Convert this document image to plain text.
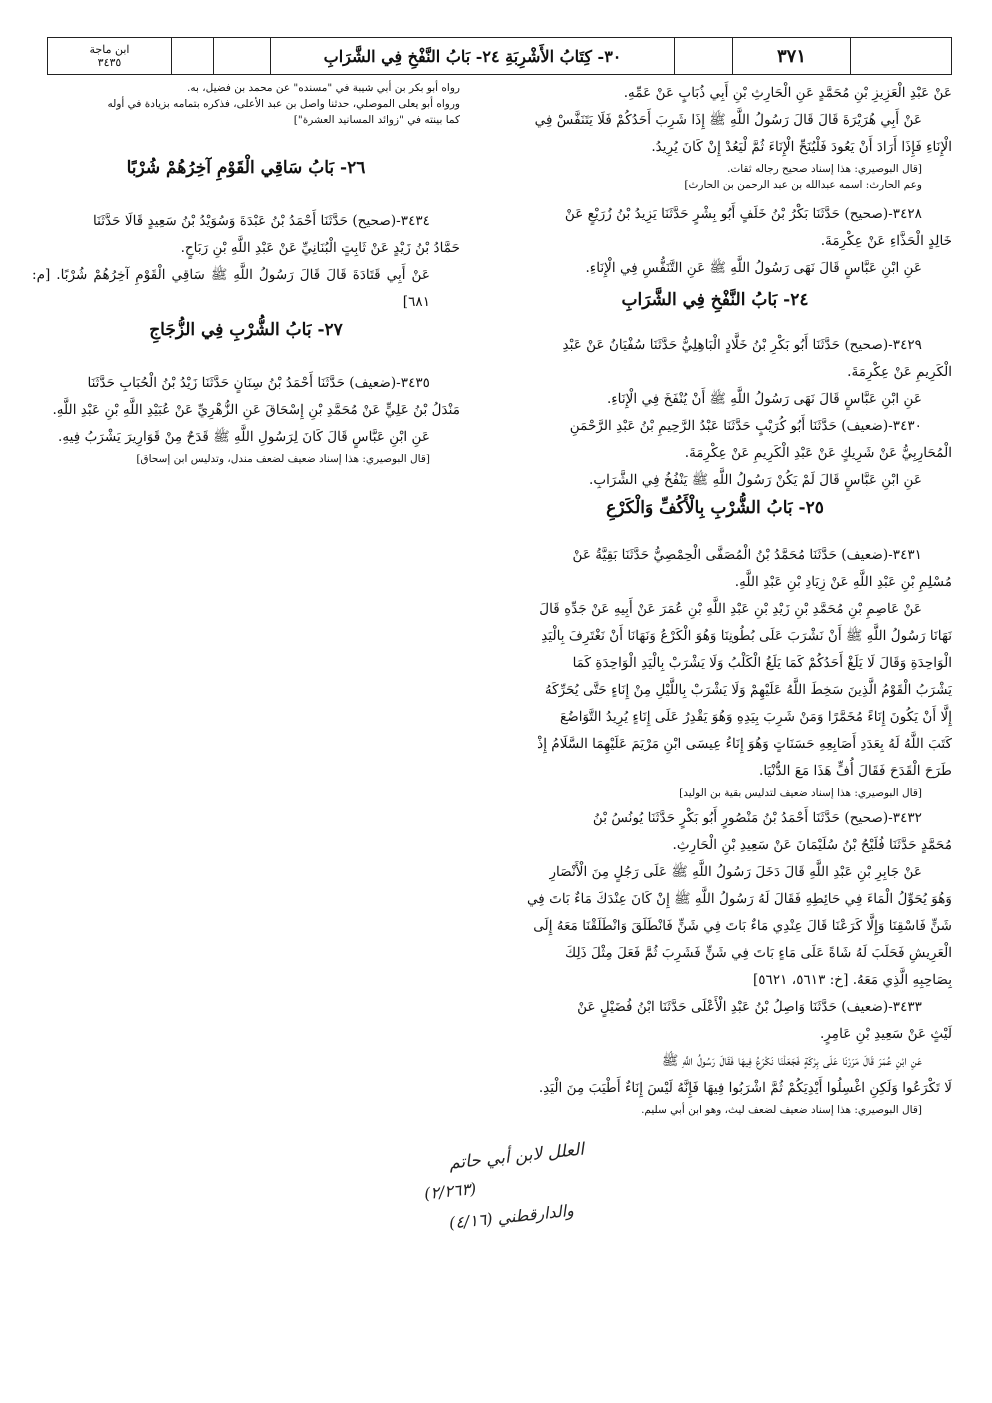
ابن ماجة
٣٤٣٥	٣٠- كِتَابُ الأَشْرِبَةِ ٢٤- بَابُ النَّفْخِ فِي الشَّرَابِ	٣٧١

عَنْ عَبْدِ الْعَزِيزِ بْنِ مُحَمَّدٍ عَنِ الْحَارِثِ بْنِ أَبِي ذُبَابٍ عَنْ عَمِّهِ.

عَنْ أَبِي هُرَيْرَةَ قَالَ قَالَ رَسُولُ اللَّهِ ﷺ إِذَا شَرِبَ أَحَدُكُمْ فَلَا يَتَنَفَّسْ فِي

الْإِنَاءِ فَإِذَا أَرَادَ أَنْ يَعُودَ فَلْيُنَحِّ الْإِنَاءَ ثُمَّ لْيَعُدْ إِنْ كَانَ يُرِيدُ.

[قال البوصيري: هذا إسناد صحيح رجاله ثقات.

وعم الحارث: اسمه عبدالله بن عبد الرحمن بن الحارث]

٣٤٢٨-(صحيح) حَدَّثَنَا بَكْرُ بْنُ خَلَفٍ أَبُو بِشْرٍ حَدَّثَنَا يَزِيدُ بْنُ زُرَيْعٍ عَنْ

خَالِدٍ الْحَذَّاءِ عَنْ عِكْرِمَةَ.

عَنِ ابْنِ عَبَّاسٍ قَالَ نَهَى رَسُولُ اللَّهِ ﷺ عَنِ التَّنَفُّسِ فِي الْإِنَاءِ.

٢٤- بَابُ النَّفْخِ فِي الشَّرَابِ

٣٤٢٩-(صحيح) حَدَّثَنَا أَبُو بَكْرِ بْنُ خَلَّادٍ الْبَاهِلِيُّ حَدَّثَنَا سُفْيَانُ عَنْ عَبْدِ

الْكَرِيمِ عَنْ عِكْرِمَةَ.

عَنِ ابْنِ عَبَّاسٍ قَالَ نَهَى رَسُولُ اللَّهِ ﷺ أَنْ يُنْفَخَ فِي الْإِنَاءِ.

٣٤٣٠-(ضعيف) حَدَّثَنَا أَبُو كُرَيْبٍ حَدَّثَنَا عَبْدُ الرَّحِيمِ بْنُ عَبْدِ الرَّحْمَنِ

الْمُحَارِبِيُّ عَنْ شَرِيكٍ عَنْ عَبْدِ الْكَرِيمِ عَنْ عِكْرِمَةَ.

عَنِ ابْنِ عَبَّاسٍ قَالَ لَمْ يَكُنْ رَسُولُ اللَّهِ ﷺ يَنْفُخُ فِي الشَّرَابِ.

٢٥- بَابُ الشُّرْبِ بِالْأَكُفِّ وَالْكَرْعِ

٣٤٣١-(ضعيف) حَدَّثَنَا مُحَمَّدُ بْنُ الْمُصَفَّى الْحِمْصِيُّ حَدَّثَنَا بَقِيَّةُ عَنْ

مُسْلِمِ بْنِ عَبْدِ اللَّهِ عَنْ زِيَادِ بْنِ عَبْدِ اللَّهِ.

عَنْ عَاصِمِ بْنِ مُحَمَّدِ بْنِ زَيْدِ بْنِ عَبْدِ اللَّهِ بْنِ عُمَرَ عَنْ أَبِيهِ عَنْ جَدِّهِ قَالَ

نَهَانَا رَسُولُ اللَّهِ ﷺ أَنْ نَشْرَبَ عَلَى بُطُونِنَا وَهُوَ الْكَرْعُ وَنَهَانَا أَنْ نَغْتَرِفَ بِالْيَدِ

الْوَاحِدَةِ وَقَالَ لَا يَلَغْ أَحَدُكُمْ كَمَا يَلَغُ الْكَلْبُ وَلَا يَشْرَبْ بِالْيَدِ الْوَاحِدَةِ كَمَا

يَشْرَبُ الْقَوْمُ الَّذِينَ سَخِطَ اللَّهُ عَلَيْهِمْ وَلَا يَشْرَبْ بِاللَّيْلِ مِنْ إِنَاءٍ حَتَّى يُحَرِّكَهُ

إِلَّا أَنْ يَكُونَ إِنَاءً مُخَمَّرًا وَمَنْ شَرِبَ بِيَدِهِ وَهُوَ يَقْدِرُ عَلَى إِنَاءٍ يُرِيدُ التَّوَاضُعَ

كَتَبَ اللَّهُ لَهُ بِعَدَدِ أَصَابِعِهِ حَسَنَاتٍ وَهُوَ إِنَاءُ عِيسَى ابْنِ مَرْيَمَ عَلَيْهِمَا السَّلَامُ إِذْ

طَرَحَ الْقَدَحَ فَقَالَ أُفٍّ هَذَا مَعَ الدُّنْيَا.

[قال البوصيري: هذا إسناد ضعيف لتدليس بقية بن الوليد]

٣٤٣٢-(صحيح) حَدَّثَنَا أَحْمَدُ بْنُ مَنْصُورٍ أَبُو بَكْرٍ حَدَّثَنَا يُونُسُ بْنُ

مُحَمَّدٍ حَدَّثَنَا فُلَيْحُ بْنُ سُلَيْمَانَ عَنْ سَعِيدِ بْنِ الْحَارِثِ.

عَنْ جَابِرِ بْنِ عَبْدِ اللَّهِ قَالَ دَخَلَ رَسُولُ اللَّهِ ﷺ عَلَى رَجُلٍ مِنَ الْأَنْصَارِ

وَهُوَ يُحَوِّلُ الْمَاءَ فِي حَائِطِهِ فَقَالَ لَهُ رَسُولُ اللَّهِ ﷺ إِنْ كَانَ عِنْدَكَ مَاءٌ بَاتَ فِي

شَنٍّ فَاسْقِنَا وَإِلَّا كَرَعْنَا قَالَ عِنْدِي مَاءٌ بَاتَ فِي شَنٍّ فَانْطَلَقَ وَانْطَلَقْنَا مَعَهُ إِلَى

الْعَرِيشِ فَحَلَبَ لَهُ شَاةً عَلَى مَاءٍ بَاتَ فِي شَنٍّ فَشَرِبَ ثُمَّ فَعَلَ مِثْلَ ذَلِكَ

بِصَاحِبِهِ الَّذِي مَعَهُ. [خ: ٥٦١٣، ٥٦٢١]

٣٤٣٣-(ضعيف) حَدَّثَنَا وَاصِلُ بْنُ عَبْدِ الْأَعْلَى حَدَّثَنَا ابْنُ فُضَيْلٍ عَنْ

لَيْثٍ عَنْ سَعِيدِ بْنِ عَامِرٍ.

عَنِ ابْنِ عُمَرَ قَالَ مَرَرْنَا عَلَى بِرْكَةٍ فَجَعَلْنَا نَكْرَعُ فِيهَا فَقَالَ رَسُولُ اللَّهِ ﷺ

لَا تَكْرَعُوا وَلَكِنِ اغْسِلُوا أَيْدِيَكُمْ ثُمَّ اشْرَبُوا فِيهَا فَإِنَّهُ لَيْسَ إِنَاءٌ أَطْيَبَ مِنَ الْيَدِ.

[قال البوصيري: هذا إسناد ضعيف لضعف ليث، وهو ابن أبي سليم.

رواه أبو بكر بن أبي شيبة في "مسنده" عن محمد بن فضيل، به.

ورواه أبو يعلى الموصلي، حدثنا واصل بن عبد الأعلى، فذكره بتمامه بزيادة في أوله

كما بينته في "زوائد المسانيد العشرة"]

٢٦- بَابُ سَاقِي الْقَوْمِ آخِرُهُمْ شُرْبًا

٣٤٣٤-(صحيح) حَدَّثَنَا أَحْمَدُ بْنُ عَبْدَةَ وَسُوَيْدُ بْنُ سَعِيدٍ قَالَا حَدَّثَنَا

حَمَّادُ بْنُ زَيْدٍ عَنْ ثَابِتٍ الْبُنَانِيِّ عَنْ عَبْدِ اللَّهِ بْنِ رَبَاحٍ.

عَنْ أَبِي قَتَادَةَ قَالَ قَالَ رَسُولُ اللَّهِ ﷺ سَاقِي الْقَوْمِ آخِرُهُمْ شُرْبًا. [م: ٦٨١]

٢٧- بَابُ الشُّرْبِ فِي الزُّجَاجِ

٣٤٣٥-(ضعيف) حَدَّثَنَا أَحْمَدُ بْنُ سِنَانٍ حَدَّثَنَا زَيْدُ بْنُ الْحُبَابِ حَدَّثَنَا

مَنْدَلُ بْنُ عَلِيٍّ عَنْ مُحَمَّدِ بْنِ إِسْحَاقَ عَنِ الزُّهْرِيِّ عَنْ عُبَيْدِ اللَّهِ بْنِ عَبْدِ اللَّهِ.

عَنِ ابْنِ عَبَّاسٍ قَالَ كَانَ لِرَسُولِ اللَّهِ ﷺ قَدَحٌ مِنْ قَوَارِيرَ يَشْرَبُ فِيهِ.

[قال البوصيري: هذا إسناد ضعيف لضعف مندل، وتدليس ابن إسحاق]

العلل لابن أبي حاتم
(٢/٢٦٣)
والدارقطني (٤/١٦)
